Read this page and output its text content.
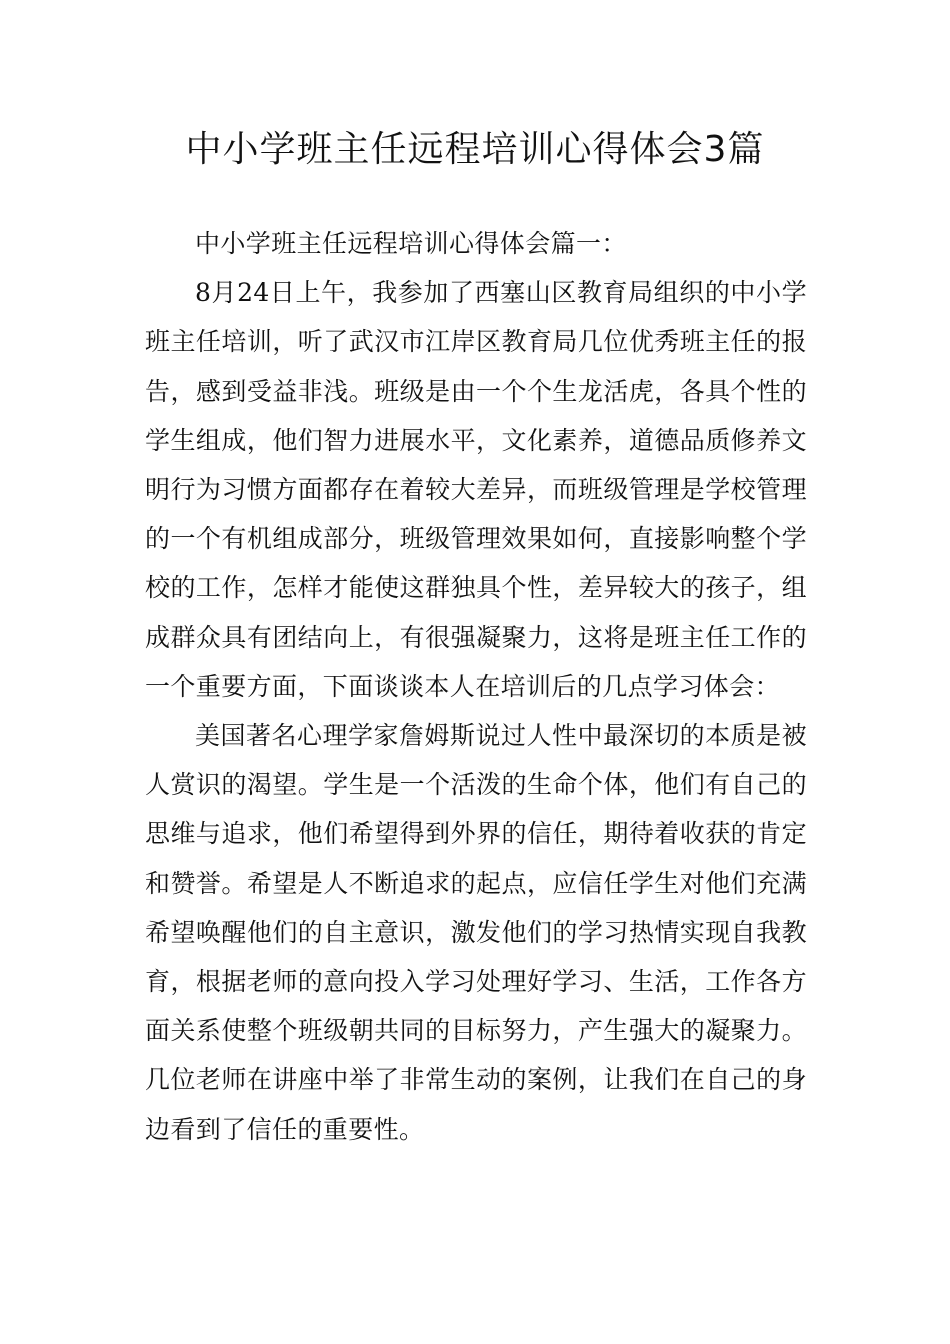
中小学班主任远程培训心得体会3篇

中小学班主任远程培训心得体会篇一：

8月24日上午，我参加了西塞山区教育局组织的中小学班主任培训，听了武汉市江岸区教育局几位优秀班主任的报告，感到受益非浅。班级是由一个个生龙活虎，各具个性的学生组成，他们智力进展水平，文化素养，道德品质修养文明行为习惯方面都存在着较大差异，而班级管理是学校管理的一个有机组成部分，班级管理效果如何，直接影响整个学校的工作，怎样才能使这群独具个性，差异较大的孩子，组成群众具有团结向上，有很强凝聚力，这将是班主任工作的一个重要方面，下面谈谈本人在培训后的几点学习体会：

美国著名心理学家詹姆斯说过人性中最深切的本质是被人赏识的渴望。学生是一个活泼的生命个体，他们有自己的思维与追求，他们希望得到外界的信任，期待着收获的肯定和赞誉。希望是人不断追求的起点，应信任学生对他们充满希望唤醒他们的自主意识，激发他们的学习热情实现自我教育，根据老师的意向投入学习处理好学习、生活，工作各方面关系使整个班级朝共同的目标努力，产生强大的凝聚力。几位老师在讲座中举了非常生动的案例，让我们在自己的身边看到了信任的重要性。
